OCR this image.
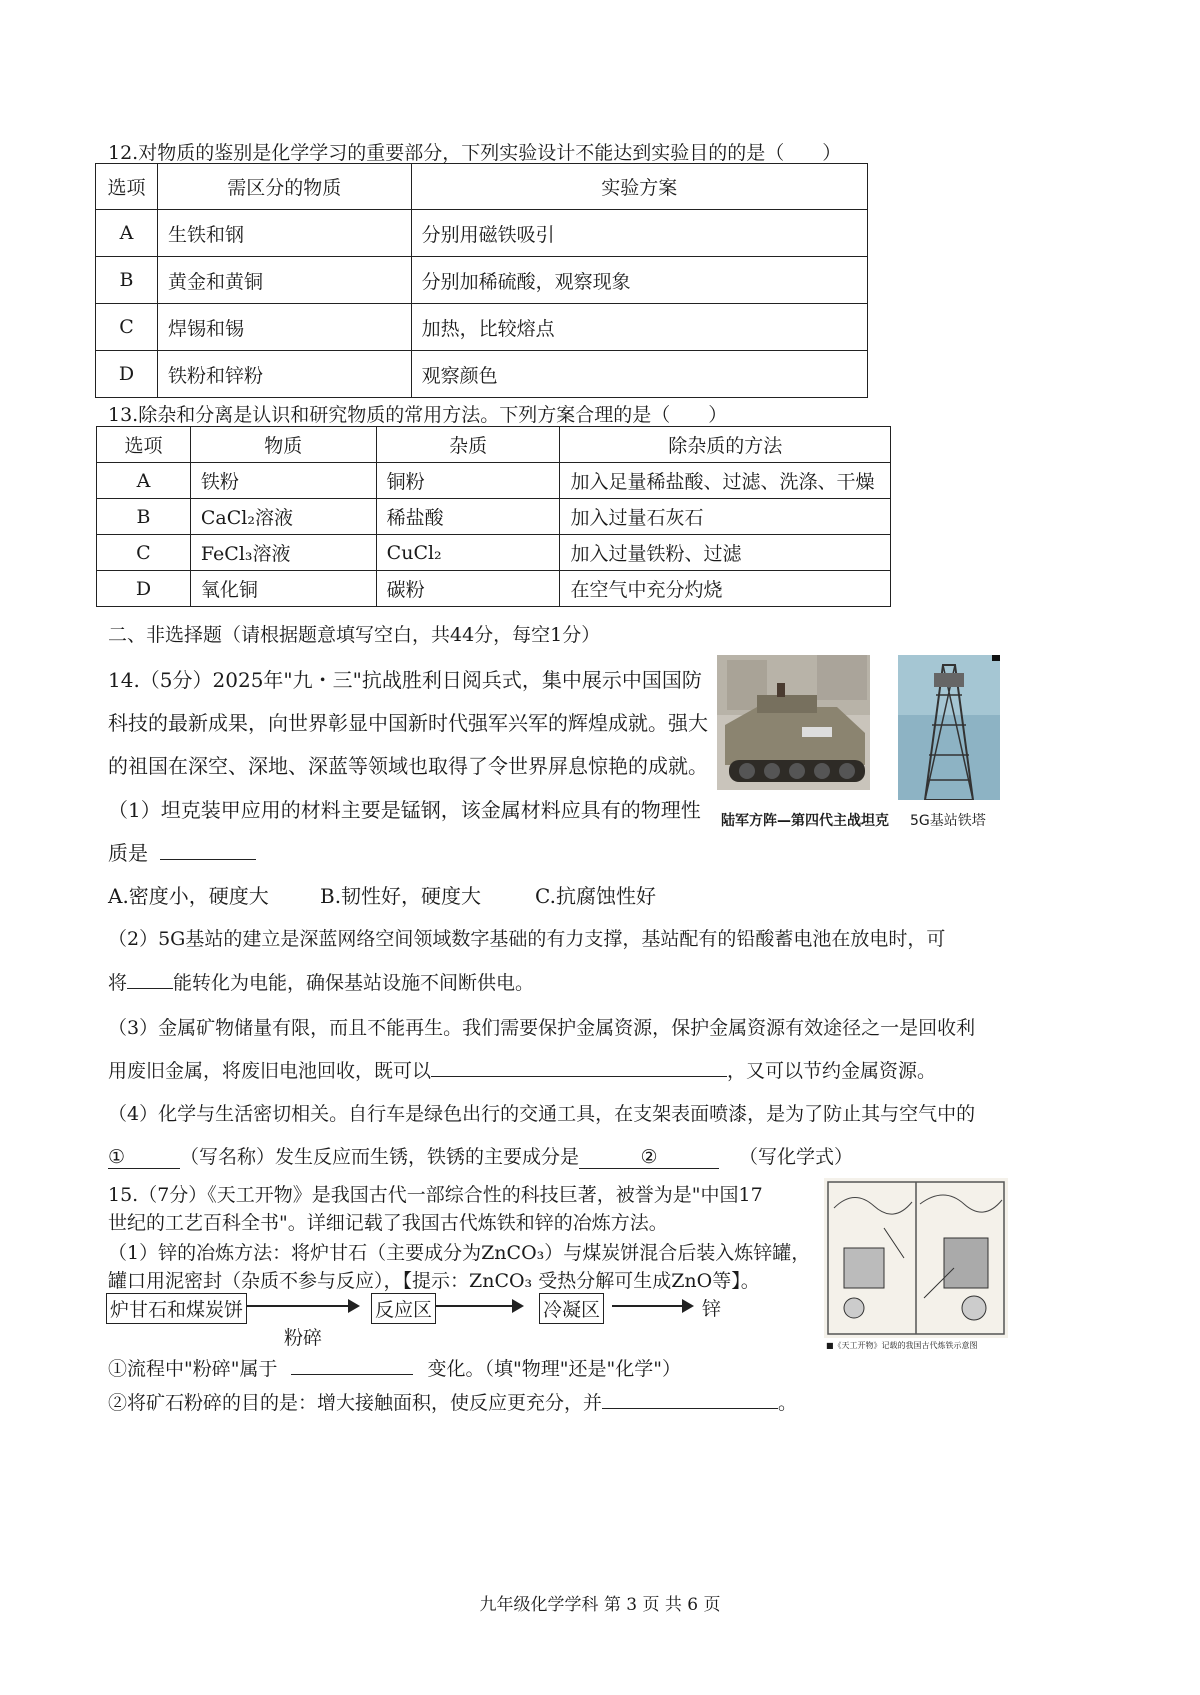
12.对物质的鉴别是化学学习的重要部分，下列实验设计不能达到实验目的的是（　　）
选项	需区分的物质	实验方案
A	生铁和钢	分别用磁铁吸引
B	黄金和黄铜	分别加稀硫酸，观察现象
C	焊锡和锡	加热，比较熔点
D	铁粉和锌粉	观察颜色
13.除杂和分离是认识和研究物质的常用方法。下列方案合理的是（　　）
选项	物质	杂质	除杂质的方法
A	铁粉	铜粉	加入足量稀盐酸、过滤、洗涤、干燥
B	CaCl₂溶液	稀盐酸	加入过量石灰石
C	FeCl₃溶液	CuCl₂	加入过量铁粉、过滤
D	氧化铜	碳粉	在空气中充分灼烧
二、非选择题（请根据题意填写空白，共44分，每空1分）
14.（5分）2025年"九・三"抗战胜利日阅兵式，集中展示中国国防
科技的最新成果，向世界彰显中国新时代强军兴军的辉煌成就。强大
的祖国在深空、深地、深蓝等领域也取得了令世界屏息惊艳的成就。
（1）坦克装甲应用的材料主要是锰钢，该金属材料应具有的物理性
质是
A.密度小，硬度大	B.韧性好，硬度大	C.抗腐蚀性好
陆军方阵—第四代主战坦克 5G基站铁塔
（2）5G基站的建立是深蓝网络空间领域数字基础的有力支撑，基站配有的铅酸蓄电池在放电时，可
将 能转化为电能，确保基站设施不间断供电。
（3）金属矿物储量有限，而且不能再生。我们需要保护金属资源，保护金属资源有效途径之一是回收利
用废旧金属，将废旧电池回收，既可以	，又可以节约金属资源。
（4）化学与生活密切相关。自行车是绿色出行的交通工具，在支架表面喷漆，是为了防止其与空气中的
①	（写名称）发生反应而生锈，铁锈的主要成分是	②	（写化学式）
15.（7分）《天工开物》是我国古代一部综合性的科技巨著，被誉为是"中国17
世纪的工艺百科全书"。详细记载了我国古代炼铁和锌的冶炼方法。
（1）锌的冶炼方法：将炉甘石（主要成分为ZnCO₃）与煤炭饼混合后装入炼锌罐，
罐口用泥密封（杂质不参与反应），【提示：ZnCO₃ 受热分解可生成ZnO等】。
炉甘石和煤炭饼	反应区	冷凝区	锌
粉碎
①流程中"粉碎"属于	变化。（填"物理"还是"化学"）
②将矿石粉碎的目的是：增大接触面积，使反应更充分，并	。
■《天工开物》记载的我国古代炼铁示意图
九年级化学学科 第 3 页 共 6 页
